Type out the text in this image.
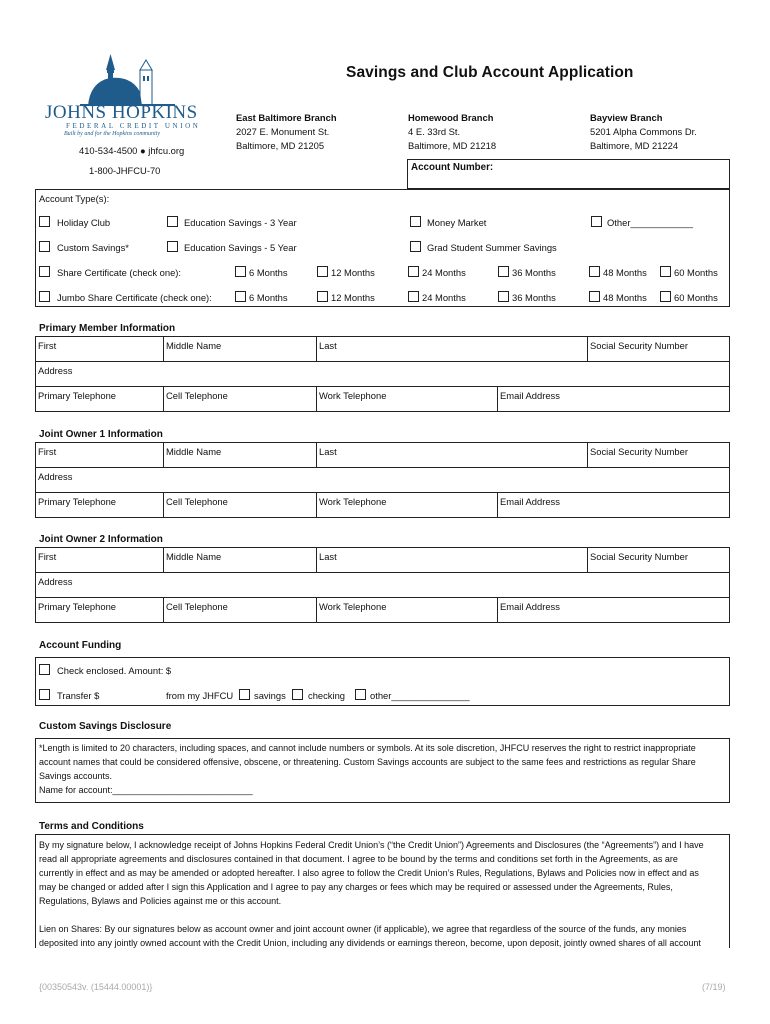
JOHNS HOPKINS
FEDERAL CREDIT UNION
Built by and for the Hopkins community
410-534-4500 ● jhfcu.org
1-800-JHFCU-70
Savings and Club Account Application
East Baltimore Branch
2027 E. Monument St.
Baltimore, MD 21205
Homewood Branch
4 E. 33rd St.
Baltimore, MD 21218
Bayview Branch
5201 Alpha Commons Dr.
Baltimore, MD 21224
Account Number:
Account Type(s):
Holiday Club	Education Savings - 3 Year	Money Market	Other____________
Custom Savings*	Education Savings - 5 Year	Grad Student Summer Savings
Share Certificate (check one):	6 Months	12 Months	24 Months	36 Months	48 Months	60 Months
Jumbo Share Certificate (check one):	6 Months	12 Months	24 Months	36 Months	48 Months	60 Months
Primary Member Information
First	Middle Name	Last	Social Security Number
Address
Primary Telephone	Cell Telephone	Work Telephone	Email Address
Joint Owner 1 Information
First	Middle Name	Last	Social Security Number
Address
Primary Telephone	Cell Telephone	Work Telephone	Email Address
Joint Owner 2 Information
First	Middle Name	Last	Social Security Number
Address
Primary Telephone	Cell Telephone	Work Telephone	Email Address
Account Funding
Check enclosed. Amount: $
Transfer $	from my JHFCU savings checking	other_______________
Custom Savings Disclosure
*Length is limited to 20 characters, including spaces, and cannot include numbers or symbols. At its sole discretion, JHFCU reserves the right to restrict inappropriate
account names that could be considered offensive, obscene, or threatening. Custom Savings accounts are subject to the same fees and restrictions as regular Share
Savings accounts.
Name for account:____________________________
Terms and Conditions
By my signature below, I acknowledge receipt of Johns Hopkins Federal Credit Union’s (“the Credit Union”) Agreements and Disclosures (the “Agreements”) and I have
read all appropriate agreements and disclosures contained in that document. I agree to be bound by the terms and conditions set forth in the Agreements, as are
currently in effect and as may be amended or adopted hereafter. I also agree to follow the Credit Union’s Rules, Regulations, Bylaws and Policies now in effect and as
may be changed or added after I sign this Application and I agree to pay any charges or fees which may be required or assessed under the Agreements, Rules,
Regulations, Bylaws and Policies against me or this account.
Lien on Shares: By our signatures below as account owner and joint account owner (if applicable), we agree that regardless of the source of the funds, any monies
deposited into any jointly owned account with the Credit Union, including any dividends or earnings thereon, become, upon deposit, jointly owned shares of all account
{00350543v. (15444.00001)}	(7/19)
